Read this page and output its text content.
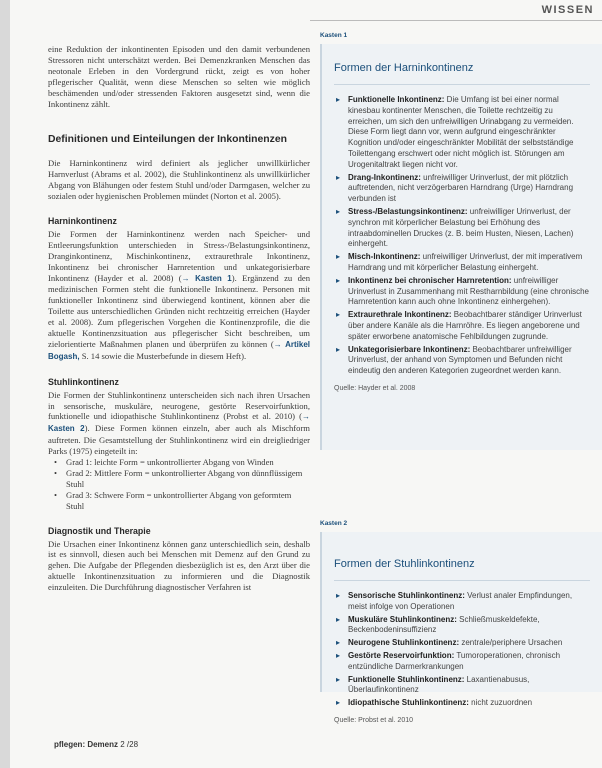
WISSEN

eine Reduktion der inkontinenten Episoden und den damit verbundenen Stressoren nicht unterschätzt werden. Bei Demenzkranken Menschen das neotonale Erleben in den Vordergrund rückt, zeigt es von hoher pflegerischer Qualität, wenn diese Menschen so selten wie möglich beschämenden und/oder stressenden Faktoren ausgesetzt sind, wenn die Inkontinenz zählt.

Definitionen und Einteilungen der Inkontinenzen

Die Harninkontinenz wird definiert als jeglicher unwillkürlicher Harnverlust (Abrams et al. 2002), die Stuhlinkontinenz als unwillkürlicher Abgang von Blähungen oder festem Stuhl und/oder Darmgasen, welcher zu sozialen oder hygienischen Problemen mündet (Norton et al. 2005).

Harninkontinenz

Die Formen der Harninkontinenz werden nach Speicher- und Entleerungsfunktion unterschieden in Stress-/Belastungsinkontinenz, Dranginkontinenz, Mischinkontinenz, extraurethrale Inkontinenz, Inkontinenz bei chronischer Harnretention und unkategorisierbare Inkontinenz (Hayder et al. 2008) (→ Kasten 1). Ergänzend zu den medizinischen Formen steht die funktionelle Inkontinenz. Personen mit funktioneller Inkontinenz sind überwiegend kontinent, können aber die Toilette aus unterschiedlichen Gründen nicht rechtzeitig erreichen (Hayder et al. 2008). Zum pflegerischen Vorgehen die Kontinenzprofile, die die aktuelle Kontinenzsituation aus pflegerischer Sicht beschreiben, um zielorientierte Maßnahmen planen und überprüfen zu können (→ Artikel Bogash, S. 14 sowie die Musterbefunde in diesem Heft).

Stuhlinkontinenz

Die Formen der Stuhlinkontinenz unterscheiden sich nach ihren Ursachen in sensorische, muskuläre, neurogene, gestörte Reservoirfunktion, funktionelle und idiopathische Stuhlinkontinenz (Probst et al. 2010) (→ Kasten 2). Diese Formen können einzeln, aber auch als Mischform auftreten. Die Gesamtstellung der Stuhlinkontinenz wird ein dreigliedriger Parks (1975) eingeteilt in:

• Grad 1: leichte Form = unkontrollierter Abgang von Winden
• Grad 2: Mittlere Form = unkontrollierter Abgang von dünnflüssigem Stuhl
• Grad 3: Schwere Form = unkontrollierter Abgang von geformtem Stuhl
Diagnostik und Therapie

Die Ursachen einer Inkontinenz können ganz unterschiedlich sein, deshalb ist es sinnvoll, diesen auch bei Menschen mit Demenz auf den Grund zu gehen. Die Aufgabe der Pflegenden diesbezüglich ist es, den Arzt über die aktuelle Inkontinenzsituation zu informieren und die Diagnostik einzuleiten. Die Durchführung diagnostischer Verfahren ist

pflegen: Demenz 2 /28
Kasten 1
Formen der Harninkontinenz
▸ Funktionelle Inkontinenz: Die Umfang ist bei einer normal kinesbau kontinenter Menschen, die Toilette rechtzeitig zu erreichen, um sich den unfreiwilligen Urinabgang zu vermeiden. Diese Form liegt dann vor, wenn aufgrund eingeschränkter Kognition und/oder eingeschränkter Mobilität der selbstständige Toilettengang erschwert oder nicht möglich ist. Störungen am Urogenitaltrakt liegen nicht vor.
▸ Drang-Inkontinenz: unfreiwilliger Urinverlust, der mit plötzlich auftretenden, nicht verzögerbaren Harndrang (Urge) Harndrang verbunden ist
▸ Stress-/Belastungsinkontinenz: unfreiwilliger Urinverlust, der synchron mit körperlicher Belastung bei Erhöhung des intraabdominellen Druckes (z. B. beim Husten, Niesen, Lachen) einhergeht.
▸ Misch-Inkontinenz: unfreiwilliger Urinverlust, der mit imperativem Harndrang und mit körperlicher Belastung einhergeht.
▸ Inkontinenz bei chronischer Harnretention: unfreiwilliger Urinverlust in Zusammenhang mit Restharnbildung (eine chronische Harnretention kann auch ohne Inkontinenz einhergehen).
▸ Extraurethrale Inkontinenz: Beobachtbarer ständiger Urinverlust über andere Kanäle als die Harnröhre. Es liegen angeborene und später erworbene anatomische Fehlbildungen zugrunde.
▸ Unkategorisierbare Inkontinenz: Beobachtbarer unfreiwilliger Urinverlust, der anhand von Symptomen und Befunden nicht eindeutig den anderen Kategorien zugeordnet werden kann.
Quelle: Hayder et al. 2008
Kasten 2
Formen der Stuhlinkontinenz
▸ Sensorische Stuhlinkontinenz: Verlust analer Empfindungen, meist infolge von Operationen
▸ Muskuläre Stuhlinkontinenz: Schließmuskeldefekte, Beckenbodeninsuffizienz
▸ Neurogene Stuhlinkontinenz: zentrale/periphere Ursachen
▸ Gestörte Reservoirfunktion: Tumoroperationen, chronisch entzündliche Darmerkrankungen
▸ Funktionelle Stuhlinkontinenz: Laxantienabusus, Überlaufinkontinenz
▸ Idiopathische Stuhlinkontinenz: nicht zuzuordnen
Quelle: Probst et al. 2010
